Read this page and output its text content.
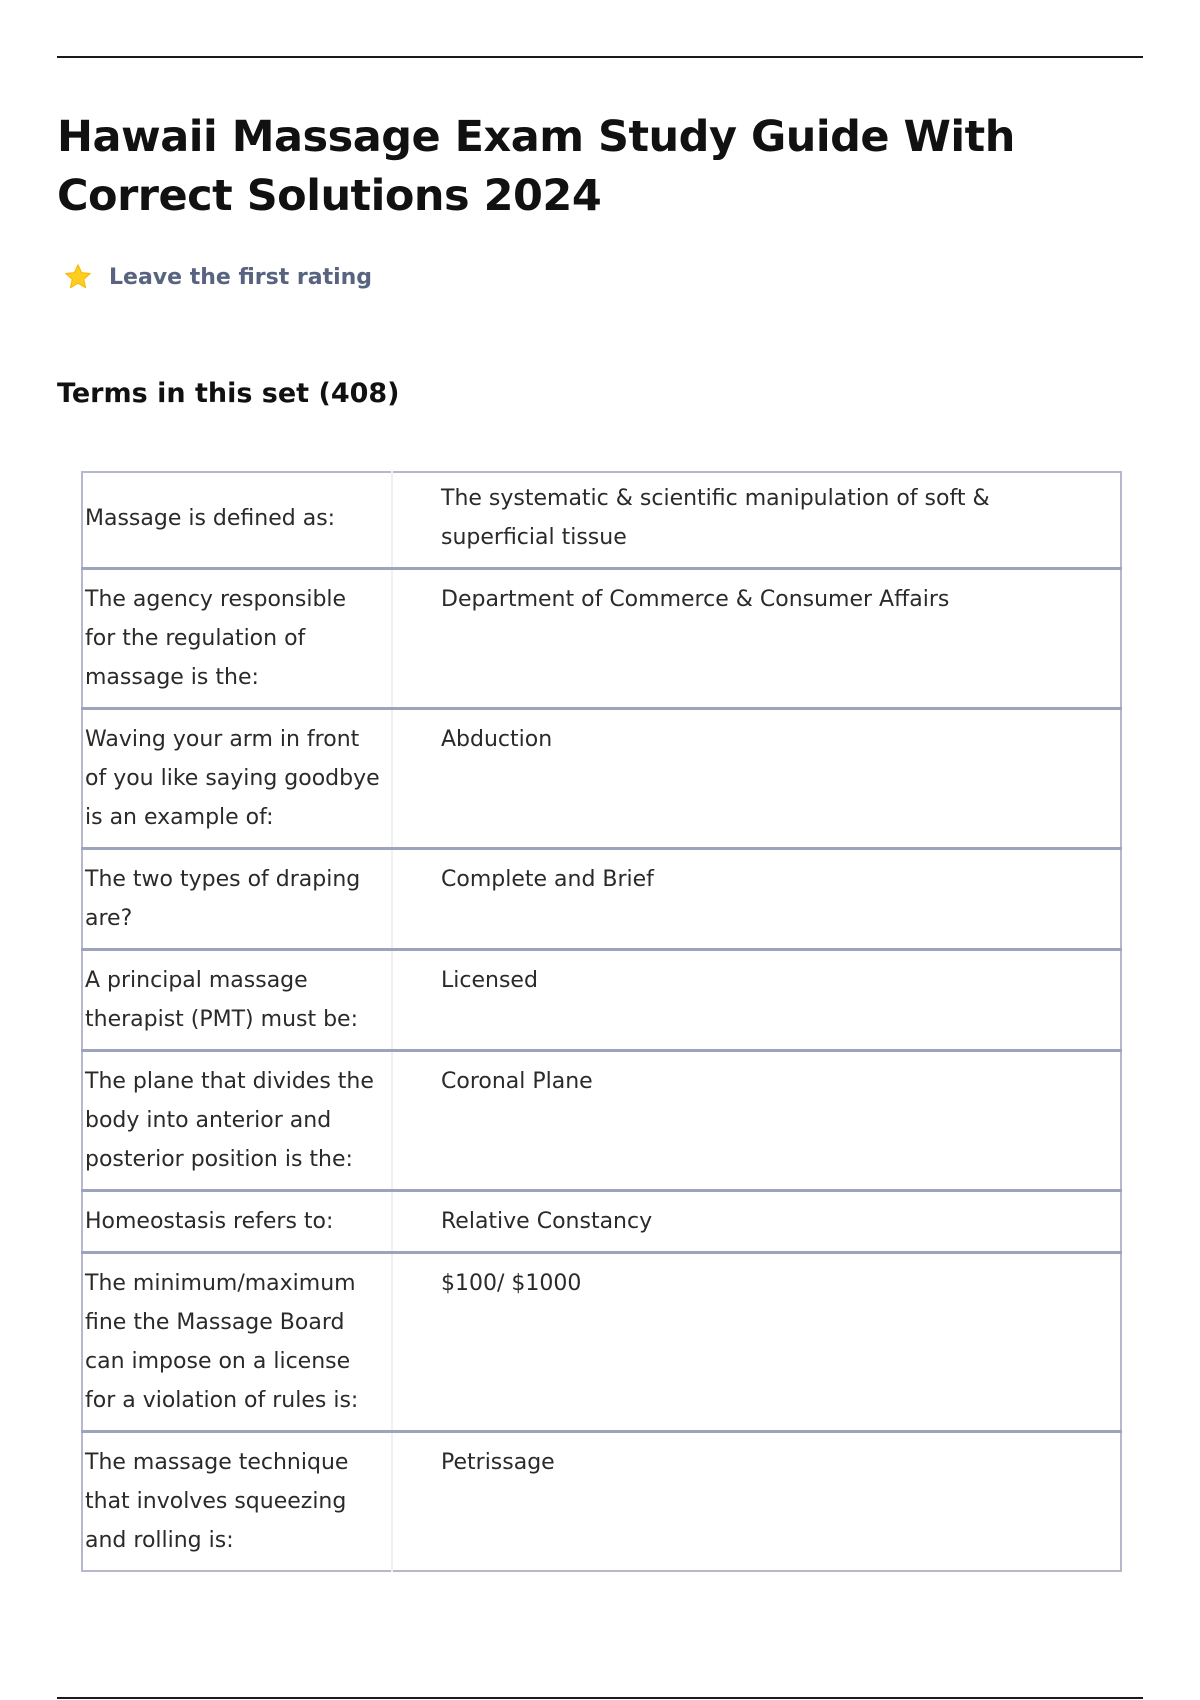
Hawaii Massage Exam Study Guide With Correct Solutions 2024
Leave the first rating
Terms in this set (408)
Massage is defined as:	The systematic & scientific manipulation of soft & superficial tissue
The agency responsible for the regulation of massage is the:	Department of Commerce & Consumer Affairs
Waving your arm in front of you like saying goodbye is an example of:	Abduction
The two types of draping are?	Complete and Brief
A principal massage therapist (PMT) must be:	Licensed
The plane that divides the body into anterior and posterior position is the:	Coronal Plane
Homeostasis refers to:	Relative Constancy
The minimum/maximum fine the Massage Board can impose on a license for a violation of rules is:	$100/ $1000
The massage technique that involves squeezing and rolling is:	Petrissage
